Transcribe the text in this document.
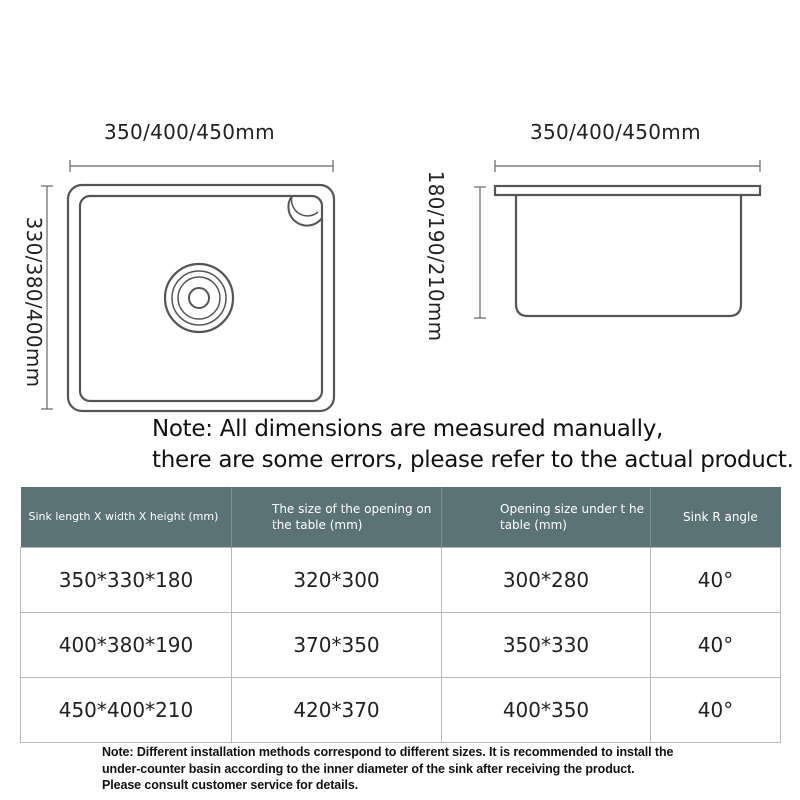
350/400/450mm	350/400/450mm
330/380/400mm	180/190/210mm
Note: All dimensions are measured manually,
there are some errors, please refer to the actual product.
Sink length X width X height (mm)	The size of the opening on the table (mm)	Opening size under t he table (mm)	Sink R angle
350*330*180	320*300	300*280	40°
400*380*190	370*350	350*330	40°
450*400*210	420*370	400*350	40°
Note: Different installation methods correspond to different sizes. It is recommended to install the
under-counter basin according to the inner diameter of the sink after receiving the product.
Please consult customer service for details.
